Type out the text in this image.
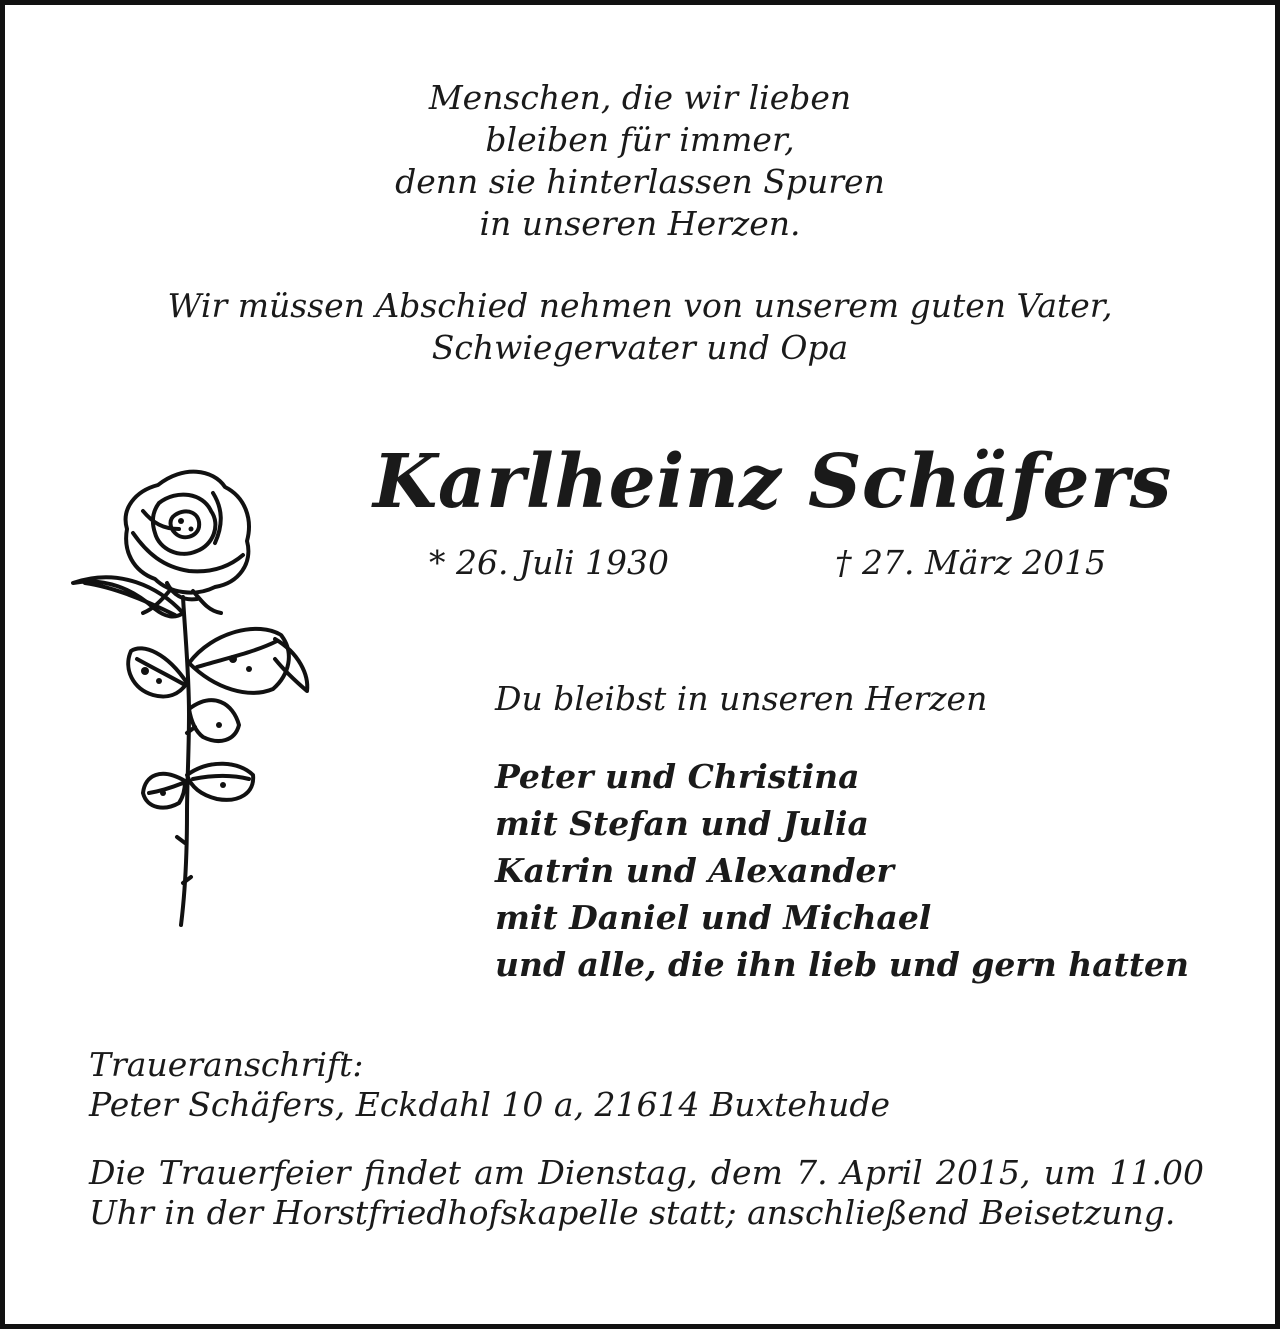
Menschen, die wir lieben
bleiben für immer,
denn sie hinterlassen Spuren
in unseren Herzen.
Wir müssen Abschied nehmen von unserem guten Vater,
Schwiegervater und Opa
Karlheinz Schäfers
* 26. Juli 1930	† 27. März 2015
Du bleibst in unseren Herzen
Peter und Christina
mit Stefan und Julia
Katrin und Alexander
mit Daniel und Michael
und alle, die ihn lieb und gern hatten
Traueranschrift:
Peter Schäfers, Eckdahl 10 a, 21614 Buxtehude
Die Trauerfeier findet am Dienstag, dem 7. April 2015, um 11.00 Uhr in der Horstfriedhofskapelle statt; anschließend Beisetzung.
